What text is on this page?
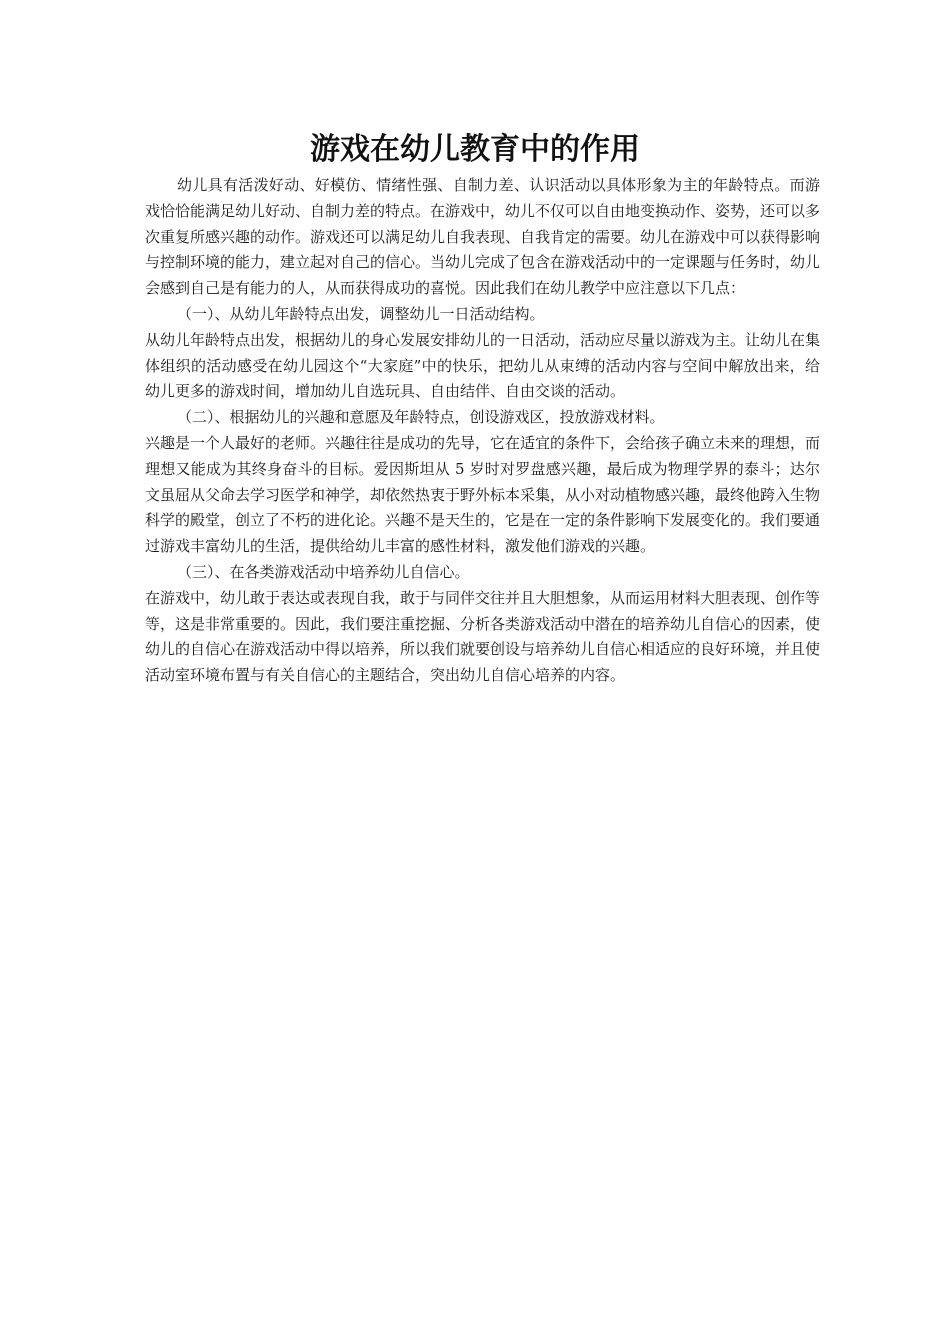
游戏在幼儿教育中的作用

幼儿具有活泼好动、好模仿、情绪性强、自制力差、认识活动以具体形象为主的年龄特点。而游戏恰恰能满足幼儿好动、自制力差的特点。在游戏中，幼儿不仅可以自由地变换动作、姿势，还可以多次重复所感兴趣的动作。游戏还可以满足幼儿自我表现、自我肯定的需要。幼儿在游戏中可以获得影响与控制环境的能力，建立起对自己的信心。当幼儿完成了包含在游戏活动中的一定课题与任务时，幼儿会感到自己是有能力的人，从而获得成功的喜悦。因此我们在幼儿教学中应注意以下几点：

（一）、从幼儿年龄特点出发，调整幼儿一日活动结构。

从幼儿年龄特点出发，根据幼儿的身心发展安排幼儿的一日活动，活动应尽量以游戏为主。让幼儿在集体组织的活动感受在幼儿园这个“大家庭”中的快乐，把幼儿从束缚的活动内容与空间中解放出来，给幼儿更多的游戏时间，增加幼儿自选玩具、自由结伴、自由交谈的活动。

（二）、根据幼儿的兴趣和意愿及年龄特点，创设游戏区，投放游戏材料。

兴趣是一个人最好的老师。兴趣往往是成功的先导，它在适宜的条件下，会给孩子确立未来的理想，而理想又能成为其终身奋斗的目标。爱因斯坦从 5 岁时对罗盘感兴趣，最后成为物理学界的泰斗；达尔文虽屈从父命去学习医学和神学，却依然热衷于野外标本采集，从小对动植物感兴趣，最终他跨入生物科学的殿堂，创立了不朽的进化论。兴趣不是天生的，它是在一定的条件影响下发展变化的。我们要通过游戏丰富幼儿的生活，提供给幼儿丰富的感性材料，激发他们游戏的兴趣。

（三）、在各类游戏活动中培养幼儿自信心。

在游戏中，幼儿敢于表达或表现自我，敢于与同伴交往并且大胆想象，从而运用材料大胆表现、创作等等，这是非常重要的。因此，我们要注重挖掘、分析各类游戏活动中潜在的培养幼儿自信心的因素，使幼儿的自信心在游戏活动中得以培养，所以我们就要创设与培养幼儿自信心相适应的良好环境，并且使活动室环境布置与有关自信心的主题结合，突出幼儿自信心培养的内容。
